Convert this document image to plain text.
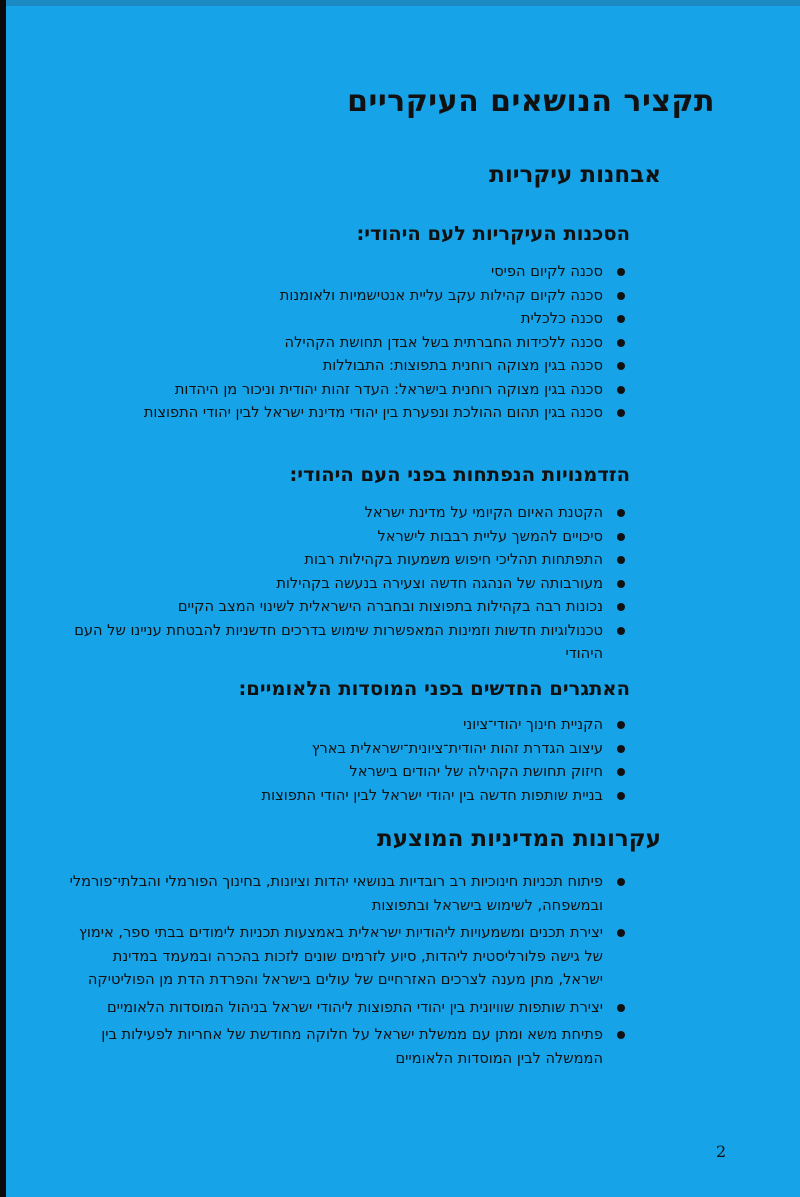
תקציר הנושאים העיקריים
אבחנות עיקריות
הסכנות העיקריות לעם היהודי:
סכנה לקיום הפיסי
סכנה לקיום קהילות עקב עליית אנטישמיות ולאומנות
סכנה כלכלית
סכנה ללכידות החברתית בשל אבדן תחושת הקהילה
סכנה בגין מצוקה רוחנית בתפוצות: התבוללות
סכנה בגין מצוקה רוחנית בישראל: העדר זהות יהודית וניכור מן היהדות
סכנה בגין תהום ההולכת ונפערת בין יהודי מדינת ישראל לבין יהודי התפוצות
הזדמנויות הנפתחות בפני העם היהודי:
הקטנת האיום הקיומי על מדינת ישראל
סיכויים להמשך עליית רבבות לישראל
התפתחות תהליכי חיפוש משמעות בקהילות רבות
מעורבותה של הנהגה חדשה וצעירה בנעשה בקהילות
נכונות רבה בקהילות בתפוצות ובחברה הישראלית לשינוי המצב הקיים
טכנולוגיות חדשות וזמינות המאפשרות שימוש בדרכים חדשניות להבטחת עניינו של העם היהודי
האתגרים החדשים בפני המוסדות הלאומיים:
הקניית חינוך יהודי־ציוני
עיצוב הגדרת זהות יהודית־ציונית־ישראלית בארץ
חיזוק תחושת הקהילה של יהודים בישראל
בניית שותפות חדשה בין יהודי ישראל לבין יהודי התפוצות
עקרונות המדיניות המוצעת
פיתוח תכניות חינוכיות רב רובדיות בנושאי יהדות וציונות, בחינוך הפורמלי והבלתי־פורמלי ובמשפחה, לשימוש בישראל ובתפוצות
יצירת תכנים ומשמעויות ליהודיות ישראלית באמצעות תכניות לימודים בבתי ספר, אימוץ של גישה פלורליסטית ליהדות, סיוע לזרמים שונים לזכות בהכרה ובמעמד במדינת ישראל, מתן מענה לצרכים האזרחיים של עולים בישראל והפרדת הדת מן הפוליטיקה
יצירת שותפות שוויונית בין יהודי התפוצות ליהודי ישראל בניהול המוסדות הלאומיים
פתיחת משא ומתן עם ממשלת ישראל על חלוקה מחודשת של אחריות לפעילות בין הממשלה לבין המוסדות הלאומיים
2
